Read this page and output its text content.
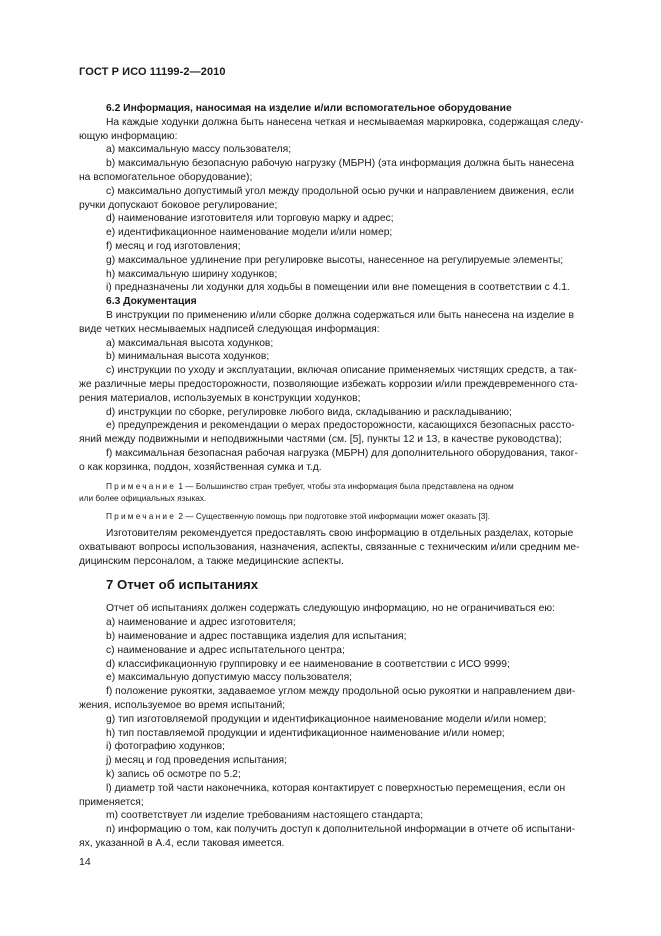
ГОСТ Р ИСО 11199-2—2010

6.2 Информация, наносимая на изделие и/или вспомогательное оборудование

На каждые ходунки должна быть нанесена четкая и несмываемая маркировка, содержащая следу-

ющую информацию:

a) максимальную массу пользователя;

b) максимальную безопасную рабочую нагрузку (МБРН) (эта информация должна быть нанесена

на вспомогательное оборудование);

c) максимально допустимый угол между продольной осью ручки и направлением движения, если

ручки допускают боковое регулирование;

d) наименование изготовителя или торговую марку и адрес;

e) идентификационное наименование модели и/или номер;

f) месяц и год изготовления;

g) максимальное удлинение при регулировке высоты, нанесенное на регулируемые элементы;

h) максимальную ширину ходунков;

i) предназначены ли ходунки для ходьбы в помещении или вне помещения в соответствии с 4.1.

6.3 Документация

В инструкции по применению и/или сборке должна содержаться или быть нанесена на изделие в

виде четких несмываемых надписей следующая информация:

a) максимальная высота ходунков;

b) минимальная высота ходунков;

c) инструкции по уходу и эксплуатации, включая описание применяемых чистящих средств, а так-

же различные меры предосторожности, позволяющие избежать коррозии и/или преждевременного ста-

рения материалов, используемых в конструкции ходунков;

d) инструкции по сборке, регулировке любого вида, складыванию и раскладыванию;

e) предупреждения и рекомендации о мерах предосторожности, касающихся безопасных рассто-

яний между подвижными и неподвижными частями (см. [5], пункты 12 и 13, в качестве руководства);

f) максимальная безопасная рабочая нагрузка (МБРН) для дополнительного оборудования, таког-

о как корзинка, поддон, хозяйственная сумка и т.д.

Примечание 1 — Большинство стран требует, чтобы эта информация была представлена на одном

или более официальных языках.

Примечание 2 — Существенную помощь при подготовке этой информации может оказать [3].

Изготовителям рекомендуется предоставлять свою информацию в отдельных разделах, которые

охватывают вопросы использования, назначения, аспекты, связанные с техническим и/или средним ме-

дицинским персоналом, а также медицинские аспекты.

7 Отчет об испытаниях

Отчет об испытаниях должен содержать следующую информацию, но не ограничиваться ею:

a) наименование и адрес изготовителя;

b) наименование и адрес поставщика изделия для испытания;

c) наименование и адрес испытательного центра;

d) классификационную группировку и ее наименование в соответствии с ИСО 9999;

e) максимальную допустимую массу пользователя;

f) положение рукоятки, задаваемое углом между продольной осью рукоятки и направлением дви-

жения, используемое во время испытаний;

g) тип изготовляемой продукции и идентификационное наименование модели и/или номер;

h) тип поставляемой продукции и идентификационное наименование и/или номер;

i) фотографию ходунков;

j) месяц и год проведения испытания;

k) запись об осмотре по 5.2;

l) диаметр той части наконечника, которая контактирует с поверхностью перемещения, если он

применяется;

m) соответствует ли изделие требованиям настоящего стандарта;

n) информацию о том, как получить доступ к дополнительной информации в отчете об испытани-

ях, указанной в А.4, если таковая имеется.

14
